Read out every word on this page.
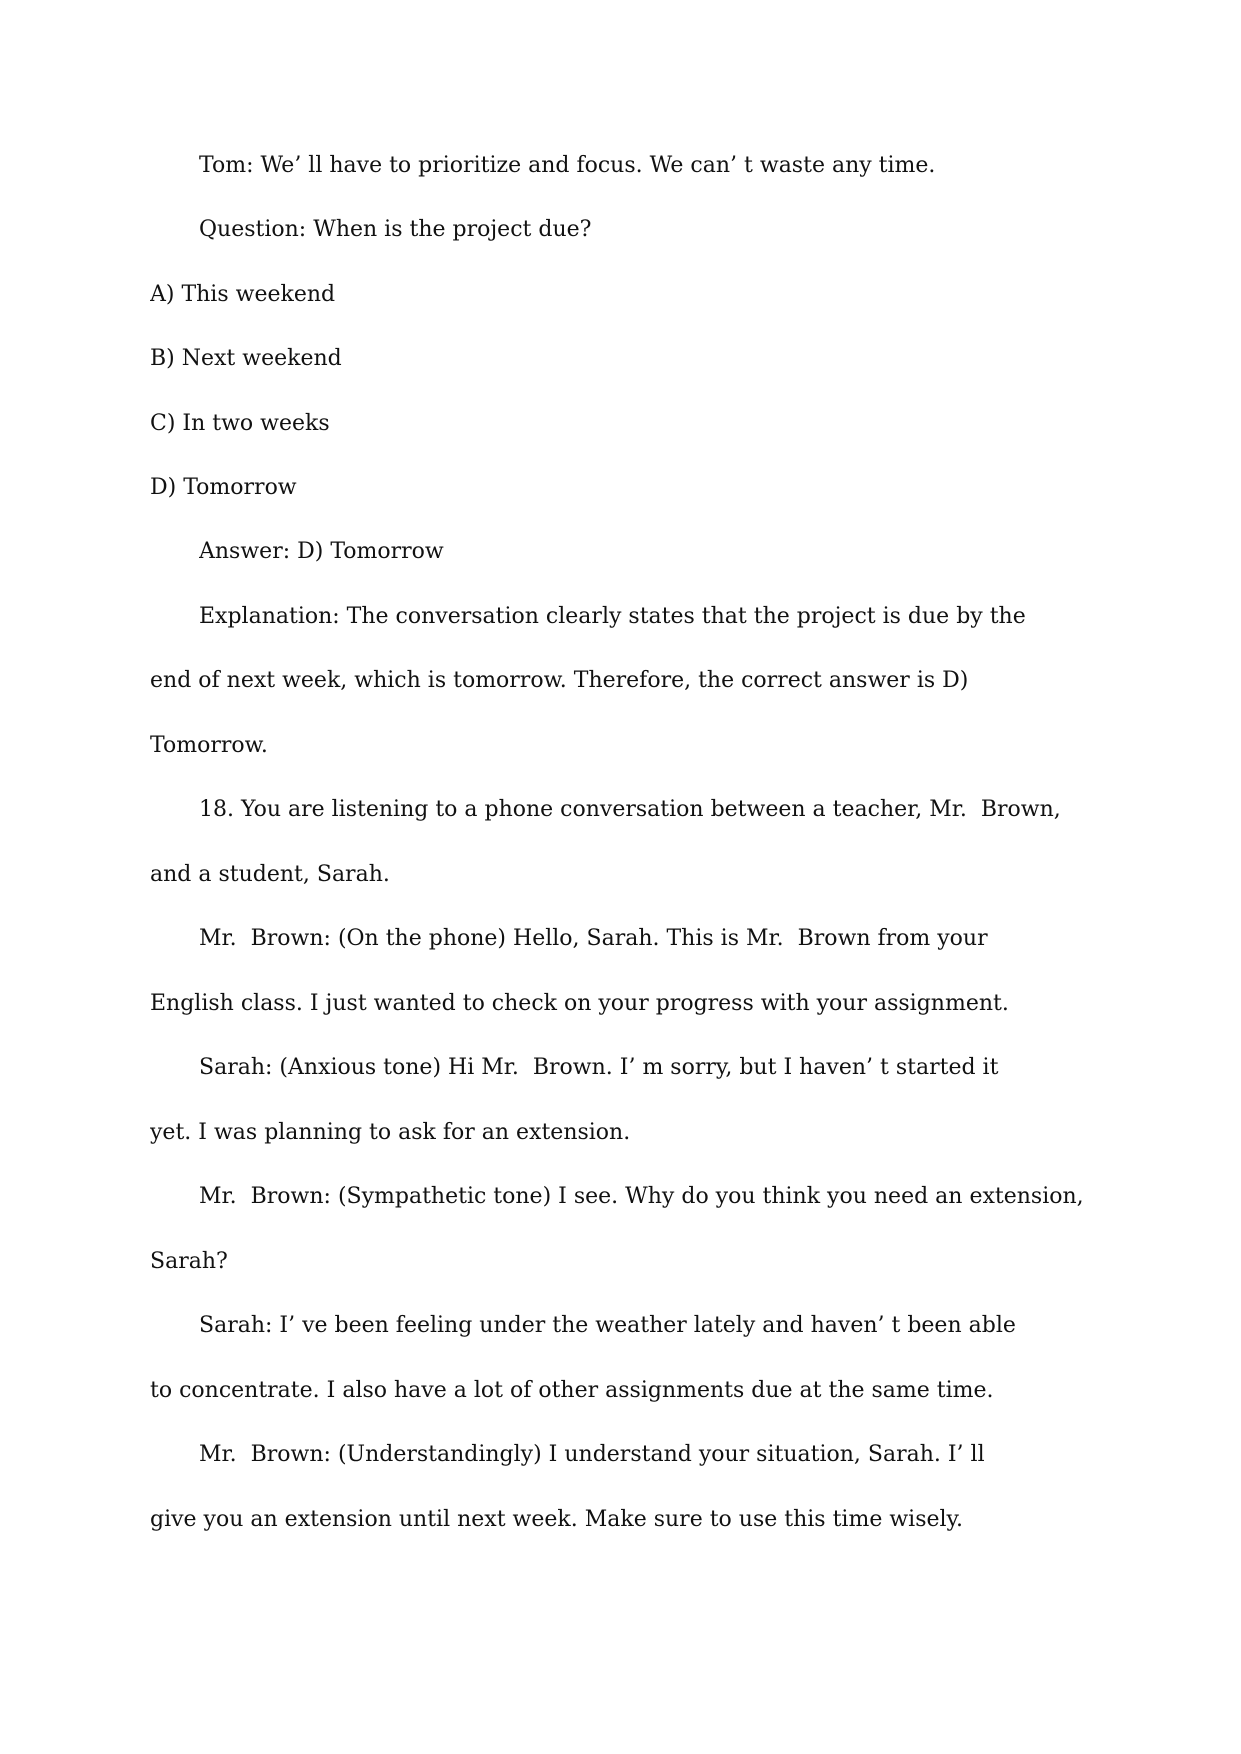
Tom: We’ ll have to prioritize and focus. We can’ t waste any time.
Question: When is the project due?
A) This weekend
B) Next weekend
C) In two weeks
D) Tomorrow
Answer: D) Tomorrow
Explanation: The conversation clearly states that the project is due by the
end of next week, which is tomorrow. Therefore, the correct answer is D)
Tomorrow.
18. You are listening to a phone conversation between a teacher, Mr.  Brown,
and a student, Sarah.
Mr.  Brown: (On the phone) Hello, Sarah. This is Mr.  Brown from your
English class. I just wanted to check on your progress with your assignment.
Sarah: (Anxious tone) Hi Mr.  Brown. I’ m sorry, but I haven’ t started it
yet. I was planning to ask for an extension.
Mr.  Brown: (Sympathetic tone) I see. Why do you think you need an extension,
Sarah?
Sarah: I’ ve been feeling under the weather lately and haven’ t been able
to concentrate. I also have a lot of other assignments due at the same time.
Mr.  Brown: (Understandingly) I understand your situation, Sarah. I’ ll
give you an extension until next week. Make sure to use this time wisely.
